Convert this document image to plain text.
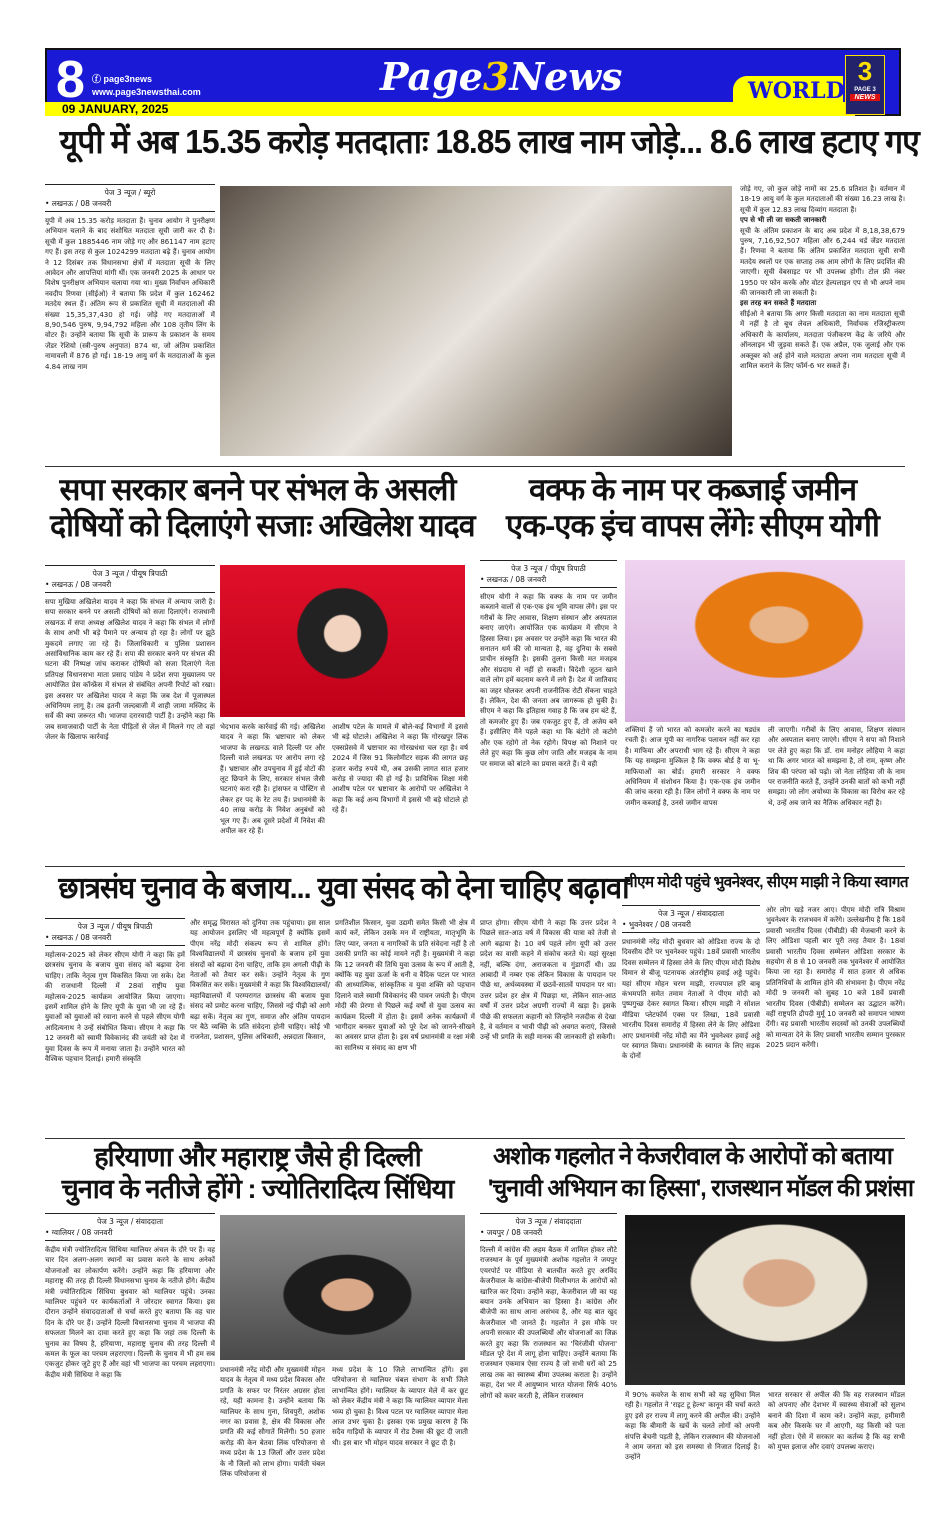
8 ⓕ page3news
www.page3newsthai.com
09 JANUARY, 2025
Page3News	WORLD
3
PAGE 3
NEWS
यूपी में अब 15.35 करोड़ मतदाताः 18.85 लाख नाम जोड़े... 8.6 लाख हटाए गए
पेज 3 न्यूज / ब्यूरो
• लखनऊ / 08 जनवरी
यूपी में अब 15.35 करोड़ मतदाता हैं। चुनाव आयोग ने पुनरीक्षण अभियान चलाने के बाद संशोधित मतदाता सूची जारी कर दी है। सूची में कुल 1885446 नाम जोड़े गए और 861147 नाम हटाए गए हैं। इस तरह से कुल 1024299 मतदाता बढ़े हैं। चुनाव आयोग ने 12 दिसंबर तक विधानसभा क्षेत्रों में मतदाता सूची के लिए आवेदन और आपत्तियां मांगी थीं। एक जनवरी 2025 के आधार पर विशेष पुनरीक्षण अभियान चलाया गया था। मुख्य निर्वाचन अधिकारी नवदीप रिणवा (सीईओ) ने बताया कि प्रदेश में कुल 162462 मतदेय स्थल हैं। अंतिम रूप से प्रकाशित सूची में मतदाताओं की संख्या 15,35,37,430 हो गई। जोड़े गए मतदाताओं में 8,90,546 पुरुष, 9,94,792 महिला और 108 तृतीय लिंग के वोटर हैं। उन्होंने बताया कि सूची के प्रारूप के प्रकाशन के समय जेंडर रेशियो (स्त्री-पुरुष अनुपात) 874 था, जो अंतिम प्रकाशित नामावली में 876 हो गई। 18-19 आयु वर्ग के मतदाताओं के कुल 4.84 लाख नाम
जोड़े गए, जो कुल जोड़े नामों का 25.6 प्रतिशत है। वर्तमान में 18-19 आयु वर्ग के कुल मतदाताओं की संख्या 16.23 लाख है। सूची में कुल 12.83 लाख दिव्यांग मतदाता हैं।
एप से भी ली जा सकती जानकारी
सूची के अंतिम प्रकाशन के बाद अब प्रदेश में 8,18,38,679 पुरुष, 7,16,92,507 महिला और 6,244 थर्ड जेंडर मतदाता हैं। रिणवा ने बताया कि अंतिम प्रकाशित मतदाता सूची सभी मतदेय स्थलों पर एक सप्ताह तक आम लोगों के लिए प्रदर्शित की जाएगी। सूची वेबसाइट पर भी उपलब्ध होगी। टोल फ्री नंबर 1950 पर फोन करके और वोटर हेल्पलाइन एप से भी अपने नाम की जानकारी ली जा सकती है।
इस तरह बन सकते हैं मतदाता
सीईओ ने बताया कि अगर किसी मतदाता का नाम मतदाता सूची में नहीं है तो बूथ लेवल अधिकारी, निर्वाचक रजिस्ट्रीकरण अधिकारी के कार्यालय, मतदाता पंजीकरण केंद्र के जरिये और ऑनलाइन भी जुड़वा सकते हैं। एक अप्रैल, एक जुलाई और एक अक्तूबर को अर्ह होने वाले मतदाता अपना नाम मतदाता सूची में शामिल कराने के लिए फॉर्म-6 भर सकते हैं।
सपा सरकार बनने पर संभल के असली
दोषियों को दिलाएंगे सजाः अखिलेश यादव
पेज 3 न्यूज / पीयूष त्रिपाठी
• लखनऊ / 08 जनवरी
सपा मुखिया अखिलेश यादव ने कहा कि संभल में अन्याय जारी है। सपा सरकार बनने पर असली दोषियों को सजा दिलाएंगे। राजधानी लखनऊ में सपा अध्यक्ष अखिलेश यादव ने कहा कि संभल में लोगों के साथ अभी भी बड़े पैमाने पर अन्याय हो रहा है। लोगों पर झूठे मुकदमे लगाए जा रहे हैं। जिलाधिकारी व पुलिस प्रशासन असांविधानिक काम कर रहे हैं। सपा की सरकार बनने पर संभल की घटना की निष्पक्ष जांच कराकर दोषियों को सजा दिलाएंगे नेता प्रतिपक्ष विधानसभा माता प्रसाद पांडेय ने प्रदेश सपा मुख्यालय पर आयोजित प्रेस कॉन्फ्रेंस में संभल से संबंधित अपनी रिपोर्ट को रखा। इस अवसर पर अखिलेश यादव ने कहा कि जब देश में पूजास्थल अधिनियम लागू है। तब इतनी जल्दबाजी में शाही जामा मस्जिद के सर्वे की क्या जरूरत थी। भाजपा दरारवादी पार्टी है। उन्होंने कहा कि जब समाजवादी पार्टी के नेता पीड़ितों से जेल में मिलने गए तो वहां जेलर के खिलाफ कार्रवाई
भेदभाव करके कार्रवाई की गई। अखिलेश यादव ने कहा कि भ्रष्टाचार को लेकर भाजपा के लखनऊ वाले दिल्ली पर और दिल्ली वाले लखनऊ पर आरोप लगा रहे हैं। भ्रष्टाचार और उपचुनाव में हुई वोटों की लूट छिपाने के लिए, सरकार संभल जैसी घटनाएं करा रही है। ट्रांसफर व पोस्टिंग से लेकर हर पद के रेट तय हैं। प्रधानमंत्री के 40 लाख करोड़ के निवेश अनुबंधों को भूल गए हैं। अब दूसरे प्रदेशों में निवेश की अपील कर रहे हैं।
आशीष पटेल के मामले में बोले-कई विभागों में इससे भी बड़े घोटाले। अखिलेश ने कहा कि गोरखपुर लिंक एक्सप्रेसवे में भ्रष्टाचार का गोरखधंधा चल रहा है। वर्ष 2024 में जिस 91 किलोमीटर सड़क की लागत छह हजार करोड़ रुपये थी, अब उसकी लागत सात हजार करोड़ से ज्यादा की हो गई है। प्राविधिक शिक्षा मंत्री आशीष पटेल पर भ्रष्टाचार के आरोपों पर अखिलेश ने कहा कि कई अन्य विभागों में इससे भी बड़े घोटाले हो रहे हैं।
वक्फ के नाम पर कब्जाई जमीन
एक-एक इंच वापस लेंगेः सीएम योगी
पेज 3 न्यूज / पीयूष त्रिपाठी
• लखनऊ / 08 जनवरी
सीएम योगी ने कहा कि वक्फ के नाम पर जमीन कब्जाने वालों से एक-एक इंच भूमि वापस लेंगे। इस पर गरीबों के लिए आवास, शिक्षण संस्थान और अस्पताल बनाए जाएंगे। आयोजित एक कार्यक्रम में सीएम ने हिस्सा लिया। इस अवसर पर उन्होंने कहा कि भारत की सनातन धर्म की जो मान्यता है, वह दुनिया के सबसे प्राचीन संस्कृति है। इसकी तुलना किसी मत मजहब और संप्रदाय से नहीं हो सकती। विदेशी जूठन खाने वाले लोग हमें बदनाम करने में लगे हैं। देश में जातिवाद का जहर घोलकर अपनी राजनीतिक रोटी सेंकना चाहते हैं। लेकिन, देश की जनता अब जागरूक हो चुकी है। सीएम ने कहा कि इतिहास गवाह है कि जब हम बंटे हैं, तो कमजोर हुए हैं। जब एकजुट हुए हैं, तो अजेय बने हैं। इसीलिए मैंने पहले कहा था कि बंटोगे तो कटोगे और एक रहोगे तो नेक रहोगे। विपक्ष को निशाने पर लेते हुए कहा कि कुछ लोग जाति और मजहब के नाम पर समाज को बांटने का प्रयास करते हैं। ये वही
शक्तियां हैं जो भारत को कमजोर करने का षड्यंत्र रचती हैं। आज यूपी का नागरिक पलायन नहीं कर रहा है। माफिया और अपराधी भाग रहे हैं। सीएम ने कहा कि यह समझना मुश्किल है कि वक्फ बोर्ड है या भू-माफियाओं का बोर्ड। हमारी सरकार ने वक्फ अधिनियम में संशोधन किया है। एक-एक इंच जमीन की जांच करवा रही है। जिन लोगों ने वक्फ के नाम पर जमीन कब्जाई है, उनसे जमीन वापस
ली जाएगी। गरीबों के लिए आवास, शिक्षण संस्थान और अस्पताल बनाए जाएंगे। सीएम ने सपा को निशाने पर लेते हुए कहा कि डॉ. राम मनोहर लोहिया ने कहा था कि अगर भारत को समझना है, तो राम, कृष्ण और शिव की परंपरा को पढ़ो। जो नेता लोहिया जी के नाम पर राजनीति करते हैं, उन्होंने उनकी बातों को कभी नहीं समझा। जो लोग अयोध्या के विकास का विरोध कर रहे थे, उन्हें अब जाने का नैतिक अधिकार नहीं है।
छात्रसंघ चुनाव के बजाय... युवा संसद को देना चाहिए बढ़ावा
पेज 3 न्यूज / पीयूष त्रिपाठी
• लखनऊ / 08 जनवरी
महोत्सव-2025 को लेकर सीएम योगी ने कहा कि हमें छात्रसंघ चुनाव के बजाय युवा संसद को बढ़ावा देना चाहिए। ताकि नेतृत्व गुण विकसित किया जा सके। देश की राजधानी दिल्ली में 28वां राष्ट्रीय युवा महोत्सव-2025 कार्यक्रम आयोजित किया जाएगा। इसमें शामिल होने के लिए यूपी के युवा भी जा रहे हैं। युवाओं को युवाओं को रवाना करने से पहले सीएम योगी आदित्यनाथ ने उन्हें संबोधित किया। सीएम ने कहा कि 12 जनवरी को स्वामी विवेकानंद की जयंती को देश में युवा दिवस के रूप में मनाया जाता है। उन्होंने भारत को वैश्विक पहचान दिलाई। हमारी संस्कृति
और समृद्ध विरासत को दुनिया तक पहुंचाया। इस साल यह आयोजन इसलिए भी महत्वपूर्ण है क्योंकि इसमें पीएम नरेंद्र मोदी संकल्प रूप से शामिल होंगे। विश्वविद्यालयों में छात्रसंघ चुनावों के बजाय हमें युवा संसदों को बढ़ावा देना चाहिए, ताकि हम अगली पीढ़ी के नेताओं को तैयार कर सकें। उन्होंने नेतृत्व के गुण विकसित कर सकें। मुख्यमंत्री ने कहा कि विश्वविद्यालयों/महाविद्यालयों में परम्परागत छात्रसंघ की बजाय युवा संसद को प्रमोट करना चाहिए, जिससे नई पीढ़ी को आगे बढ़ा सकें। नेतृत्व का गुण, समाज और अंतिम पायदान पर बैठे व्यक्ति के प्रति संवेदना होनी चाहिए। कोई भी राजनेता, प्रशासन, पुलिस अधिकारी, अन्नदाता किसान,
प्रगतिशील किसान, युवा उद्यमी समेत किसी भी क्षेत्र में कार्य करें, लेकिन उसके मन में राष्ट्रीयता, मातृभूमि के लिए प्यार, जनता व नागरिकों के प्रति संवेदना नहीं है तो उसकी प्रगति का कोई मायने नहीं है। मुख्यमंत्री ने कहा कि 12 जनवरी की तिथि युवा उत्सव के रूप में आती है, क्योंकि यह युवा ऊर्जा के धनी व वैदिक पटल पर भारत की आध्यात्मिक, सांस्कृतिक व युवा शक्ति को पहचान दिलाने वाले स्वामी विवेकानंद की पावन जयंती है। पीएम मोदी की प्रेरणा से पिछले कई वर्षों से युवा उत्सव का कार्यक्रम दिल्ली में होता है। इसमें अनेक कार्यक्रमों में भागीदार बनकर युवाओं को पूरे देश को जानने-सीखने का अवसर प्राप्त होता है। इस वर्ष प्रधानमंत्री व रक्षा मंत्री का सानिध्य व संवाद का क्षण भी
प्राप्त होगा। सीएम योगी ने कहा कि उत्तर प्रदेश ने पिछले सात-आठ वर्ष में विकास की यात्रा को तेजी से आगे बढ़ाया है। 10 वर्ष पहले लोग यूपी को उत्तर प्रदेश का वासी कहने में संकोच करते थे। यहां सुरक्षा नहीं, बल्कि दंगा, अराजकता व गुंडागर्दी थी। उप्र आबादी में नम्बर एक लेकिन विकास के पायदान पर पीछे था, अर्थव्यवस्था में छठवें-सातवें पायदान पर था। उत्तर प्रदेश हर क्षेत्र में पिछड़ा था, लेकिन सात-आठ वर्षों में उत्तर प्रदेश अग्रणी राज्यों में खड़ा है। इसके पीछे की सफलता कहानी को जिन्होंने नजदीक से देखा है, वे वर्तमान व भावी पीढ़ी को अवगत कराएं, जिससे उन्हें भी प्रगति के सही मानक की जानकारी हो सकेगी।
पीएम मोदी पहुंचे भुवनेश्वर, सीएम माझी ने किया स्वागत
पेज 3 न्यूज / संवाददाता
• भुवनेश्वर / 08 जनवरी
प्रधानमंत्री नरेंद्र मोदी बुधवार को ओडिशा राज्य के दो दिवसीय दौरे पर भुवनेश्वर पहुंचे। 18वें प्रवासी भारतीय दिवस सम्मेलन में हिस्सा लेने के लिए पीएम मोदी विशेष विमान से बीजू पटनायक अंतर्राष्ट्रीय हवाई अड्डे पहुंचे। यहां सीएम मोहन चरण माझी, राज्यपाल हरि बाबू कंभमपति समेत तमाम नेताओं ने पीएम मोदी को पुष्पगुच्छ देकर स्वागत किया। सीएम माझी ने सोशल मीडिया प्लेटफॉर्म एक्स पर लिखा, 18वें प्रवासी भारतीय दिवस समारोह में हिस्सा लेने के लिए ओडिशा आए प्रधानमंत्री नरेंद्र मोदी का मैंने भुवनेश्वर हवाई अड्डे पर स्वागत किया। प्रधानमंत्री के स्वागत के लिए सड़क के दोनों
ओर लोग खड़े नजर आए। पीएम मोदी रात्रि विश्राम भुवनेश्वर के राजभवन में करेंगे। उल्लेखनीय है कि 18वें प्रवासी भारतीय दिवस (पीबीडी) की मेजबानी करने के लिए ओडिशा पहली बार पूरी तरह तैयार है। 18वां प्रवासी भारतीय दिवस सम्मेलन ओडिशा सरकार के सहयोग से 8 से 10 जनवरी तक भुवनेश्वर में आयोजित किया जा रहा है। समारोह में सात हजार से अधिक प्रतिनिधियों के शामिल होने की संभावना है। पीएम नरेंद्र मोदी 9 जनवरी को सुबह 10 बजे 18वें प्रवासी भारतीय दिवस (पीबीडी) सम्मेलन का उद्घाटन करेंगे। वहीं राष्ट्रपति द्रौपदी मुर्मू 10 जनवरी को समापन भाषण देंगी। वह प्रवासी भारतीय सदस्यों को उनकी उपलब्धियों को मान्यता देने के लिए प्रवासी भारतीय सम्मान पुरस्कार 2025 प्रदान करेंगी।
हरियाणा और महाराष्ट्र जैसे ही दिल्ली
चुनाव के नतीजे होंगे : ज्योतिरादित्य सिंधिया
पेज 3 न्यूज / संवाददाता
• ग्वालियर / 08 जनवरी
केंद्रीय मंत्री ज्योतिरादित्य सिंधिया ग्वालियर अंचल के दौरे पर हैं। वह चार दिन अलग-अलग स्थानों का प्रवास करने के साथ अनेकों योजनाओं का लोकार्पण करेंगे। उन्होंने कहा कि हरियाणा और महाराष्ट्र की तरह ही दिल्ली विधानसभा चुनाव के नतीजे होंगे। केंद्रीय मंत्री ज्योतिरादित्य सिंधिया बुधवार को ग्वालियर पहुंचे। उनका ग्वालियर पहुंचने पर कार्यकर्ताओं ने जोरदार स्वागत किया। इस दौरान उन्होंने संवाददाताओं से चर्चा करते हुए बताया कि वह चार दिन के दौरे पर हैं। उन्होंने दिल्ली विधानसभा चुनाव में भाजपा की सफलता मिलने का दावा करते हुए कहा कि जहां तक दिल्ली के चुनाव का विषय है, हरियाणा, महाराष्ट्र चुनाव की तरह दिल्ली में कमल के फूल का परचम लहराएगा। दिल्ली के चुनाव में भी हम सब एकजुट होकर जुटे हुए हैं और वहां भी भाजपा का परचम लहराएगा। केंद्रीय मंत्री सिंधिया ने कहा कि
प्रधानमंत्री नरेंद्र मोदी और मुख्यमंत्री मोहन यादव के नेतृत्व में मध्य प्रदेश विकास और प्रगति के सफर पर निरंतर अग्रसर होता रहे, यही कामना है। उन्होंने बताया कि ग्वालियर के साथ गुना, शिवपुरी, अशोक नगर का प्रवास है, क्षेत्र की विकास और प्रगति की कई सौगातें मिलेंगी। 50 हजार करोड़ की केन बेतवा लिंक परियोजना से मध्य प्रदेश के 13 जिलों और उत्तर प्रदेश के नौ जिलों को लाभ होगा। पार्वती चंबल लिंक परियोजना से
मध्य प्रदेश के 10 जिले लाभान्वित होंगे। इस परियोजना से ग्वालियर चंबल संभाग के सभी जिले लाभान्वित होंगे। ग्वालियर के व्यापार मेले में कर छूट को लेकर केंद्रीय मंत्री ने कहा कि ग्वालियर व्यापार मेला भव्य हो चुका है। विश्व पटल पर ग्वालियर व्यापार मेला आज उभर चुका है। इसका एक प्रमुख कारण है कि सदैव गाड़ियों के व्यापार में रोड टैक्स की छूट दी जाती थी। इस बार भी मोहन यादव सरकार ने छूट दी है।
अशोक गहलोत ने केजरीवाल के आरोपों को बताया
'चुनावी अभियान का हिस्सा', राजस्थान मॉडल की प्रशंसा
पेज 3 न्यूज / संवाददाता
• जयपुर / 08 जनवरी
दिल्ली में कांग्रेस की अहम बैठक में शामिल होकर लौटे राजस्थान के पूर्व मुख्यमंत्री अशोक गहलोत ने जयपुर एयरपोर्ट पर मीडिया से बातचीत करते हुए अरविंद केजरीवाल के कांग्रेस-बीजेपी मिलीभगत के आरोपों को खारिज कर दिया। उन्होंने कहा, केजरीवाल जी का यह बयान उनके अभियान का हिस्सा है। कांग्रेस और बीजेपी का साथ आना असंभव है, और यह बात खुद केजरीवाल भी जानते हैं। गहलोत ने इस मौके पर अपनी सरकार की उपलब्धियों और योजनाओं का जिक्र करते हुए कहा कि राजस्थान का 'चिरंजीवी योजना' मॉडल पूरे देश में लागू होना चाहिए। उन्होंने बताया कि राजस्थान एकमात्र ऐसा राज्य है जो सभी घरों को 25 लाख तक का स्वास्थ्य बीमा उपलब्ध कराता है। उन्होंने कहा, देश भर में आयुष्मान भारत योजना सिर्फ 40% लोगों को कवर करती है, लेकिन राजस्थान	में 90% कवरेज के साथ सभी को यह सुविधा मिल रही है। गहलोत ने 'राइट टू हेल्थ' कानून की चर्चा करते हुए इसे हर राज्य में लागू करने की अपील की। उन्होंने कहा कि बीमारी के खर्चे के चलते लोगों को अपनी संपत्ति बेचनी पड़ती है, लेकिन राजस्थान की योजनाओं ने आम जनता को इस समस्या से निजात दिलाई है। उन्होंने
भारत सरकार से अपील की कि वह राजस्थान मॉडल को अपनाए और देशभर में स्वास्थ्य सेवाओं को सुलभ बनाने की दिशा में काम करे। उन्होंने कहा, हमीमारी कब और किसके घर में आएगी, यह किसी को पता नहीं होता। ऐसे में सरकार का कर्तव्य है कि वह सभी को मुफ्त इलाज और दवाएं उपलब्ध कराए।
